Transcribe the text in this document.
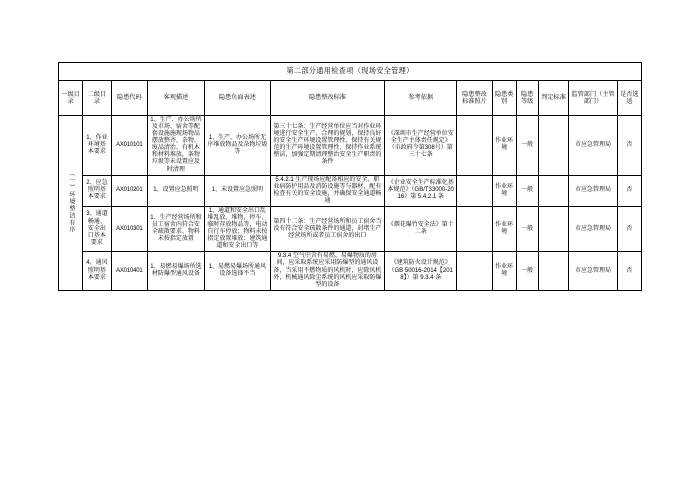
第二部分通用检查项（现场安全管理）												
一级目录	二级目录	隐患代码	客观描述	隐患负面表述	隐患整改标准	参考依据	隐患整改标准照片	隐患类别	隐患等级	判定标准	监管部门（主管部门）	是否选送
（一）环境整洁有序	1、作业环境基本要求	AX010101	1、生产、办公场所及市场、宿舍等配套设施施现场物品摆放整齐、杂物、废品清治、有机木和材料堆放，条物垃圾等未设置应及时清理	1、生产、办公场所无序堆放物品及杂物垃圾等	第三十七条：生产经营单位应当对作业环境进行安全生产、合理的规划，保持良好的安全生产环境设置管理性、保持有关规范的生产环境设置管理性，保持作业系统整洁，加强定期清理整治安全生产职责的条件	《深圳市生产经营单位安全生产主体责任规定》（市政府令第308号）第三十七条		作业环境	一般		市应急管理局	否
	2、应急照明基本要求	AX010201	1、设置应急照明	1、未设置应急照明	5.4.2.1 生产现场应配备相应的安全、职业病防护用品及消防设施等与器材，配有检查有关的安全设施，并确保安全通道畅通	《企业安全生产标准化基本规范》（GB/T33000-2016）第 5.4.2.1 条		作业环境	一般		市应急管理局	否
	3、通道畅通、安全出口基本要求	AX010301	1、生产经营场所和员工宿舍内符合安全疏散要求、物料未按指定放置	1、通道和安全出口乱堆乱放、堆物、停车、临时存放物品等，电动自行车停放；物料未按指定放置堆放；建筑通道和安全出口等	第四十二条：生产经营场所和员工宿舍当没有符合安全疏散条件的通道，封堵生产经营场所或者员工宿舍的出口	《烟花爆竹安全法》第十二条		作业环境	一般		市应急管理局	否
	4、通风照明基本要求	AX010401	1、易燃易爆场所选材防爆型通风设备	1、易燃易爆场所通风设备选择不当	9.3.4 空气中含有易燃、易爆物质的房间，应采取系统应采用防爆型的通风设备，当采用不燃物质的风机时，应除风机外，机械通风除尘系统的风机应采取防爆型的设备	《建筑防火设计规范》（GB 50016-2014【2018】）第 9.3.4 条		作业环境	一般		市应急管理局	否
